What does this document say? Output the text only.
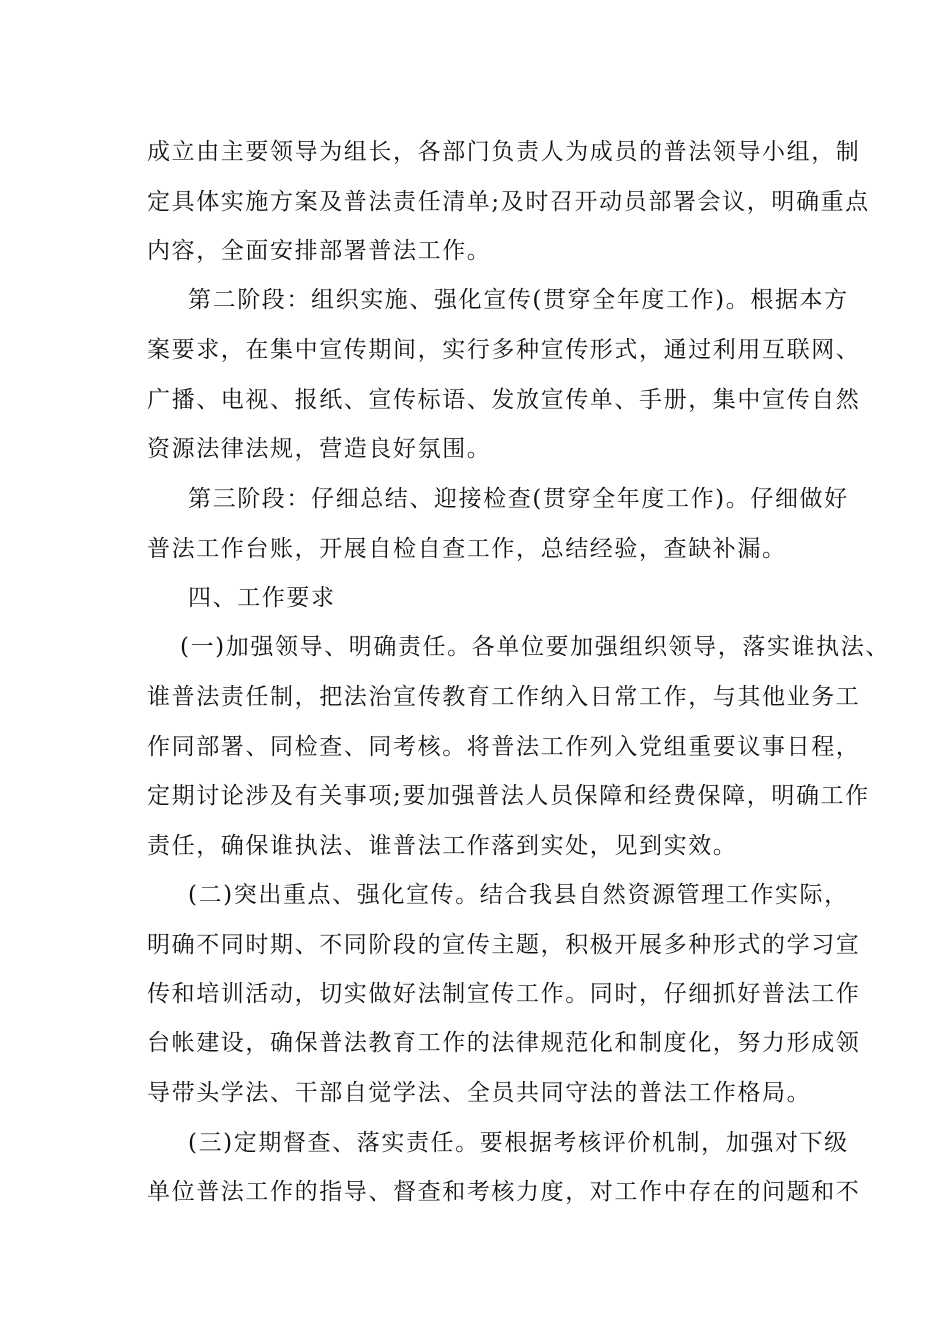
成立由主要领导为组长，各部门负责人为成员的普法领导小组，制
定具体实施方案及普法责任清单;及时召开动员部署会议，明确重点
内容，全面安排部署普法工作。
第二阶段：组织实施、强化宣传(贯穿全年度工作)。根据本方
案要求，在集中宣传期间，实行多种宣传形式，通过利用互联网、
广播、电视、报纸、宣传标语、发放宣传单、手册，集中宣传自然
资源法律法规，营造良好氛围。
第三阶段：仔细总结、迎接检查(贯穿全年度工作)。仔细做好
普法工作台账，开展自检自查工作，总结经验，查缺补漏。
四、工作要求
(一)加强领导、明确责任。各单位要加强组织领导，落实谁执法、
谁普法责任制，把法治宣传教育工作纳入日常工作，与其他业务工
作同部署、同检查、同考核。将普法工作列入党组重要议事日程，
定期讨论涉及有关事项;要加强普法人员保障和经费保障，明确工作
责任，确保谁执法、谁普法工作落到实处，见到实效。
(二)突出重点、强化宣传。结合我县自然资源管理工作实际，
明确不同时期、不同阶段的宣传主题，积极开展多种形式的学习宣
传和培训活动，切实做好法制宣传工作。同时，仔细抓好普法工作
台帐建设，确保普法教育工作的法律规范化和制度化，努力形成领
导带头学法、干部自觉学法、全员共同守法的普法工作格局。
(三)定期督查、落实责任。要根据考核评价机制，加强对下级
单位普法工作的指导、督查和考核力度，对工作中存在的问题和不
